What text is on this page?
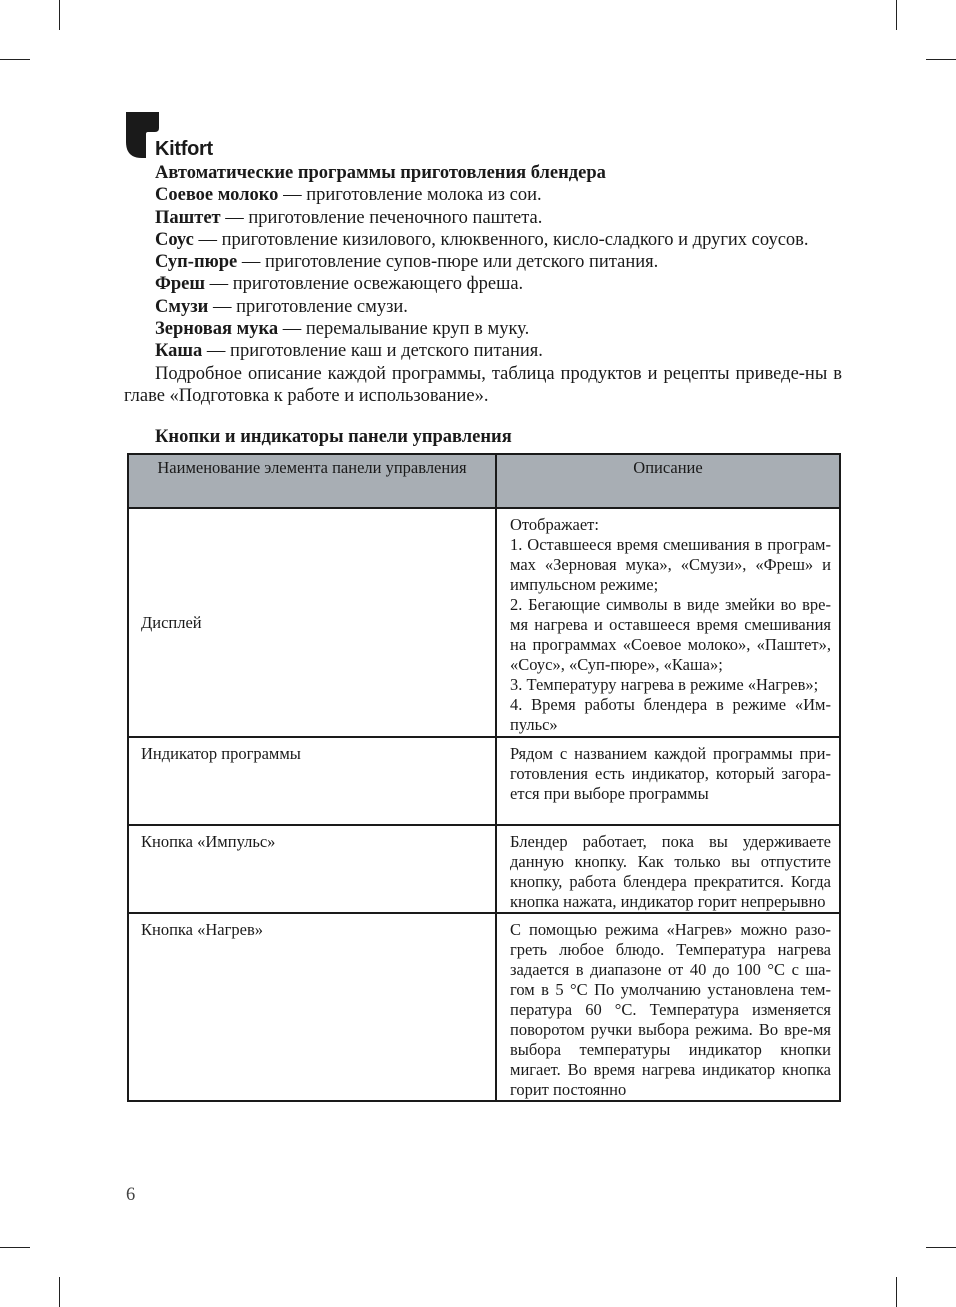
Kitfort

Автоматические программы приготовления блендера

Соевое молоко — приготовление молока из сои.

Паштет — приготовление печеночного паштета.

Соус — приготовление кизилового, клюквенного, кисло-сладкого и других соусов.

Суп-пюре — приготовление супов-пюре или детского питания.

Фреш — приготовление освежающего фреша.

Смузи — приготовление смузи.

Зерновая мука — перемалывание круп в муку.

Каша — приготовление каш и детского питания.

Подробное описание каждой программы, таблица продуктов и рецепты приведе-ны в главе «Подготовка к работе и использование».

Кнопки и индикаторы панели управления

Наименование элемента панели управления	Описание
Дисплей	Отображает:
1. Оставшееся время смешивания в програм-мах «Зерновая мука», «Смузи», «Фреш» и импульсном режиме;
2. Бегающие символы в виде змейки во вре-мя нагрева и оставшееся время смешивания на программах «Соевое молоко», «Паштет», «Соус», «Суп-пюре», «Каша»;
3. Температуру нагрева в режиме «Нагрев»;
4. Время работы блендера в режиме «Им-пульс»

Индикатор программы	Рядом с названием каждой программы при-готовления есть индикатор, который загора-ется при выборе программы
Кнопка «Импульс»	Блендер работает, пока вы удерживаете данную кнопку. Как только вы отпустите кнопку, работа блендера прекратится. Когда кнопка нажата, индикатор горит непрерывно
Кнопка «Нагрев»	С помощью режима «Нагрев» можно разо-греть любое блюдо. Температура нагрева задается в диапазоне от 40 до 100 °C с ша-гом в 5 °C По умолчанию установлена тем-пература 60 °C. Температура изменяется поворотом ручки выбора режима. Во вре-мя выбора температуры индикатор кнопки мигает. Во время нагрева индикатор кнопка горит постоянно
6
